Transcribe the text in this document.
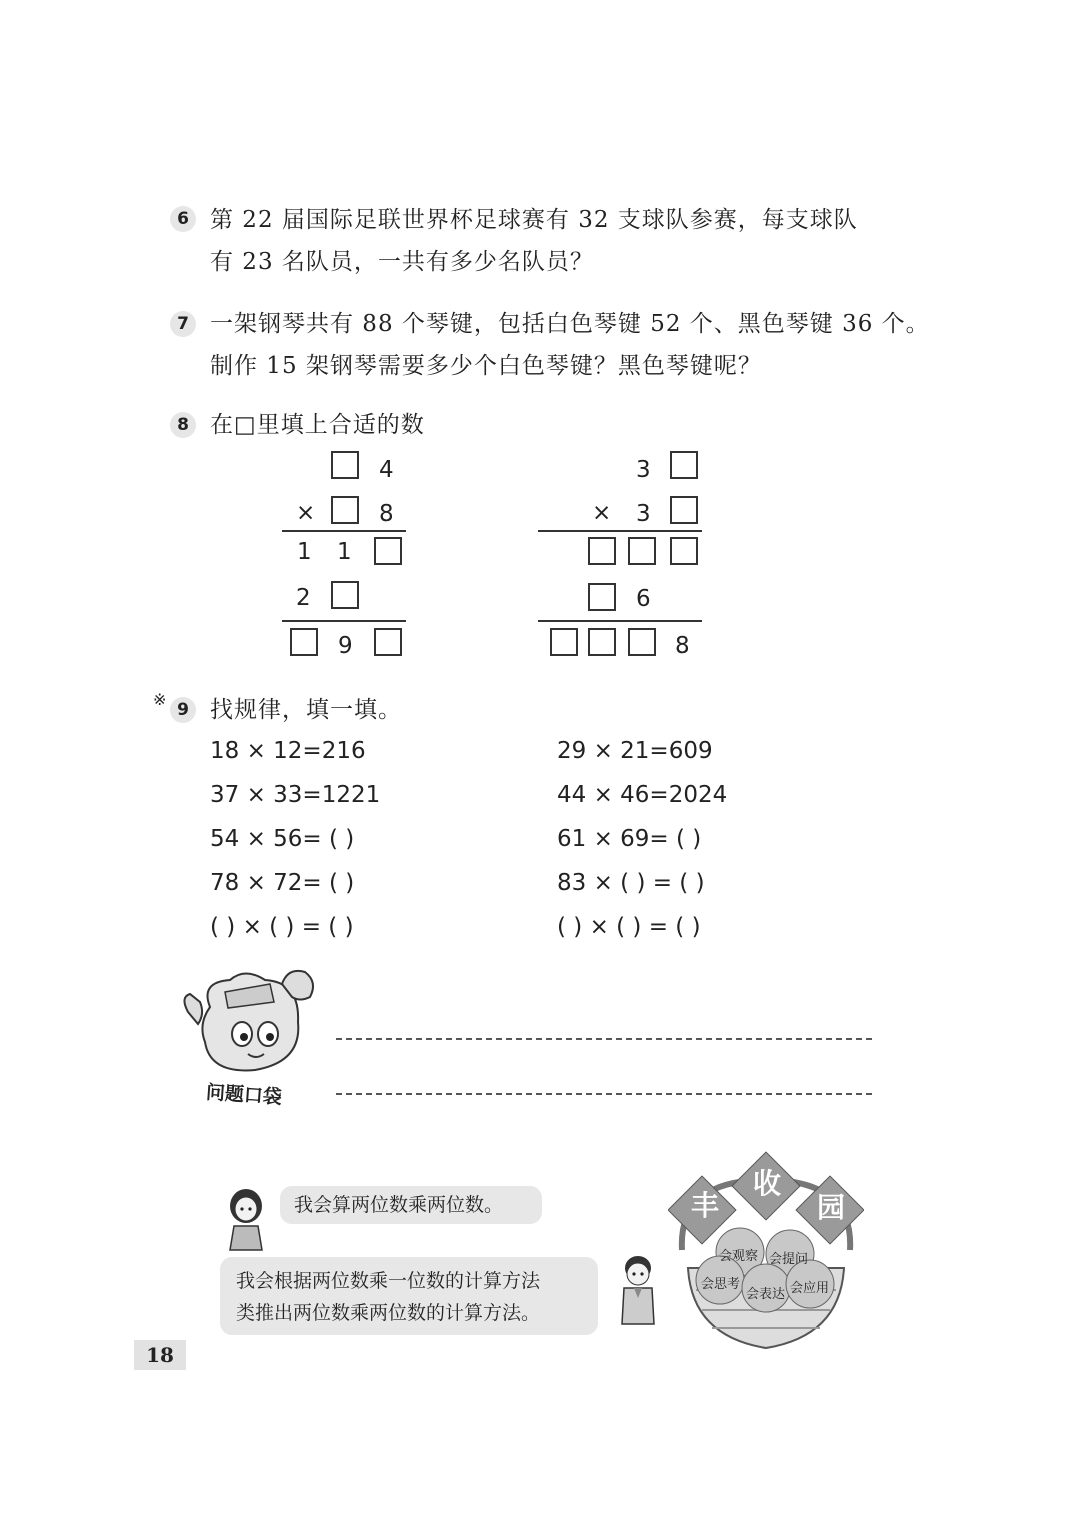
6 第 22 届国际足联世界杯足球赛有 32 支球队参赛，每支球队
有 23 名队员，一共有多少名队员？
7 一架钢琴共有 88 个琴键，包括白色琴键 52 个、黑色琴键 36 个。
制作 15 架钢琴需要多少个白色琴键？黑色琴键呢？
8 在□里填上合适的数
4
×	8
1 1
2
9
3
× 3
6
8
※
9 找规律，填一填。
18 × 12=216
37 × 33=1221
54 × 56= ( )
78 × 72= ( )
( ) × ( ) = ( )
29 × 21=609
44 × 46=2024
61 × 69= ( )
83 × ( ) = ( )
( ) × ( ) = ( )
问题口袋
我会算两位数乘两位数。
我会根据两位数乘一位数的计算方法
类推出两位数乘两位数的计算方法。
丰
收
园
会观察 会提问
会思考
会表达 会应用
18
